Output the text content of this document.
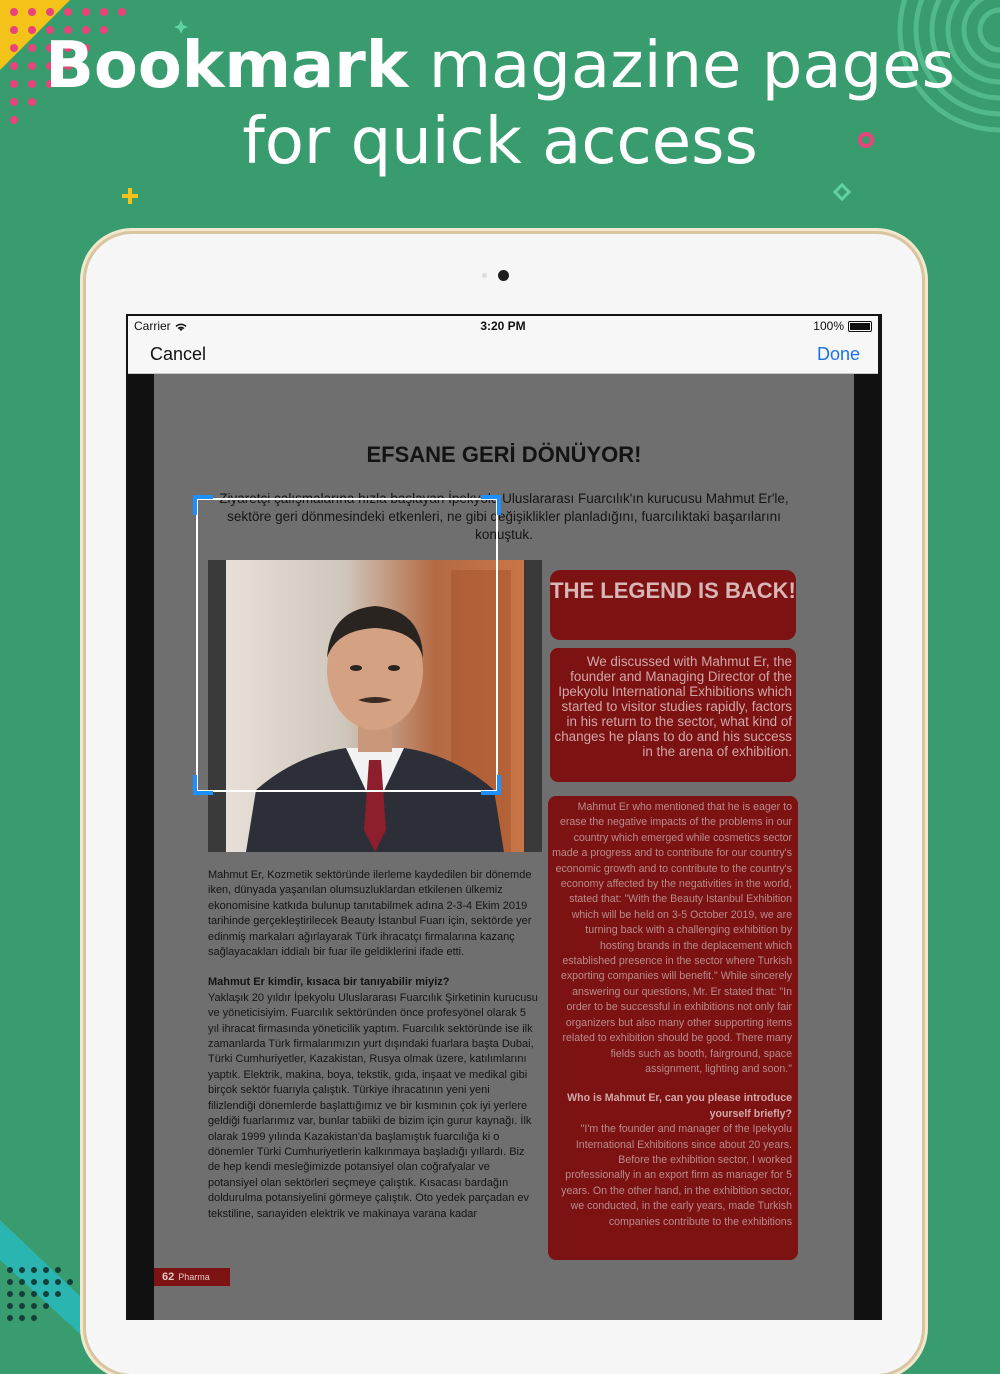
Bookmark magazine pages
for quick access
Carrier	3:20 PM	100%
Cancel	Done
EFSANE GERİ DÖNÜYOR!
Ziyaretçi çalışmalarına hızla başlayan İpekyolu Uluslararası Fuarcılık'ın kurucusu Mahmut Er'le, sektöre geri dönmesindeki etkenleri, ne gibi değişiklikler planladığını, fuarcılıktaki başarılarını konuştuk.

Mahmut Er, Kozmetik sektöründe ilerleme kaydedilen bir dönemde iken, dünyada yaşanılan olumsuzluklardan etkilenen ülkemiz ekonomisine katkıda bulunup tanıtabilmek adına 2-3-4 Ekim 2019 tarihinde gerçekleştirilecek Beauty İstanbul Fuarı için, sektörde yer edinmiş markaları ağırlayarak Türk ihracatçı firmalarına kazanç sağlayacakları iddialı bir fuar ile geldiklerini ifade etti.

Mahmut Er kimdir, kısaca bir tanıyabilir miyiz?

Yaklaşık 20 yıldır İpekyolu Uluslararası Fuarcılık Şirketinin kurucusu ve yöneticisiyim. Fuarcılık sektöründen önce profesyönel olarak 5 yıl ihracat firmasında yöneticilik yaptım. Fuarcılık sektöründe ise ilk zamanlarda Türk firmalarımızın yurt dışındaki fuarlara başta Dubai, Türki Cumhuriyetler, Kazakistan, Rusya olmak üzere, katılımlarını yaptık. Elektrik, makina, boya, tekstik, gıda, inşaat ve medikal gibi birçok sektör fuarıyla çalıştık. Türkiye ihracatının yeni yeni filizlendiği dönemlerde başlattığımız ve bir kısmının çok iyi yerlere geldiği fuarlarımız var, bunlar tabiiki de bizim için gurur kaynağı. İlk olarak 1999 yılında Kazakistan'da başlamıştık fuarcılığa ki o dönemler Türki Cumhuriyetlerin kalkınmaya başladığı yıllardı. Biz de hep kendi mesleğimizde potansiyel olan coğrafyalar ve potansiyel olan sektörleri seçmeye çalıştık. Kısacası bardağın doldurulma potansiyelini görmeye çalıştık. Oto yedek parçadan ev tekstiline, sanayiden elektrik ve makinaya varana kadar

THE LEGEND IS BACK!
We discussed with Mahmut Er, the founder and Managing Director of the Ipekyolu International Exhibitions which started to visitor studies rapidly, factors in his return to the sector, what kind of changes he plans to do and his success in the arena of exhibition.
Mahmut Er who mentioned that he is eager to erase the negative impacts of the problems in our country which emerged while cosmetics sector made a progress and to contribute for our country's economic growth and to contribute to the country's economy affected by the negativities in the world, stated that: "With the Beauty Istanbul Exhibition which will be held on 3-5 October 2019, we are turning back with a challenging exhibition by hosting brands in the deplacement which established presence in the sector where Turkish exporting companies will benefit." While sincerely answering our questions, Mr. Er stated that: "In order to be successful in exhibitions not only fair organizers but also many other supporting items related to exhibition should be good. There many fields such as booth, fairground, space assignment, lighting and soon."
Who is Mahmut Er, can you please introduce yourself briefly?
"I'm the founder and manager of the Ipekyolu International Exhibitions since about 20 years. Before the exhibition sector, I worked professionally in an export firm as manager for 5 years. On the other hand, in the exhibition sector, we conducted, in the early years, made Turkish companies contribute to the exhibitions
62 Pharma
